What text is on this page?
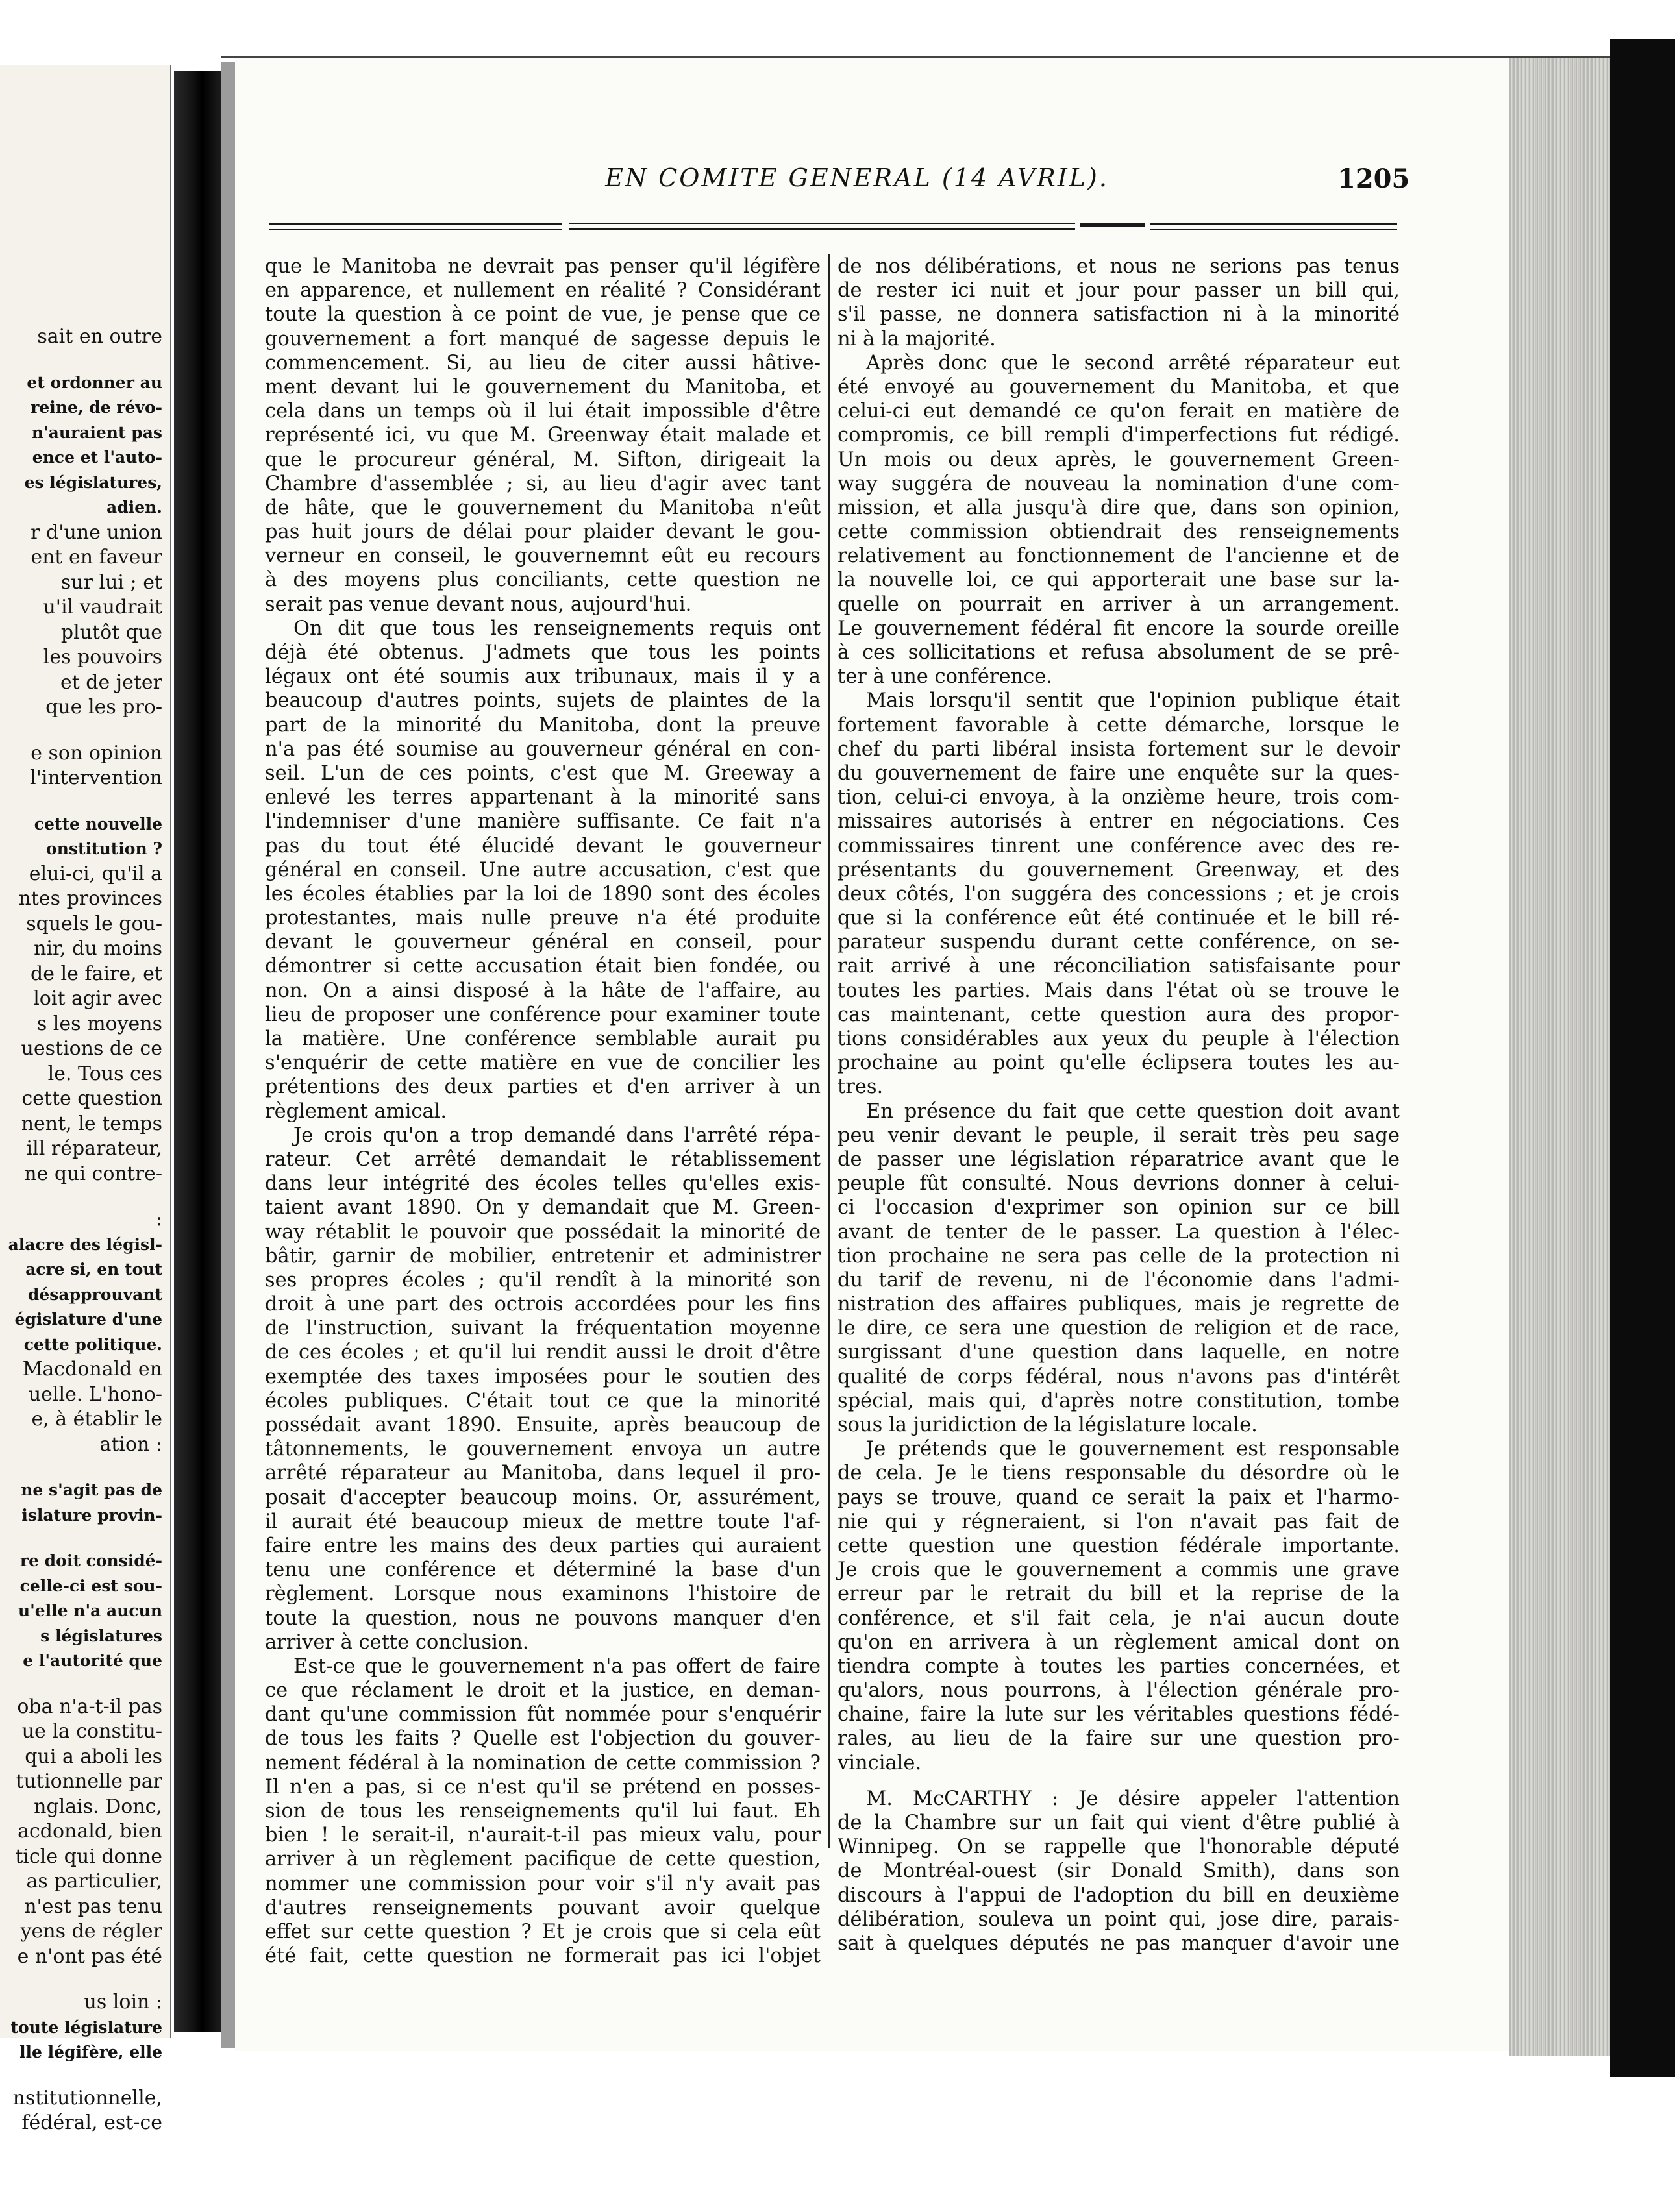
sait en outre
et ordonner au
reine, de révo-
n'auraient pas
ence et l'auto-
es législatures,
adien.
r d'une union
ent en faveur
sur lui ; et
u'il vaudrait
plutôt que
les pouvoirs
et de jeter
que les pro-
e son opinion
l'intervention
cette nouvelle
onstitution ?
elui-ci, qu'il a
ntes provinces
squels le gou-
nir, du moins
de le faire, et
loit agir avec
s les moyens
uestions de ce
le. Tous ces
cette question
nent, le temps
ill réparateur,
ne qui contre-
:
alacre des législ-
acre si, en tout
désapprouvant
égislature d'une
cette politique.
Macdonald en
uelle. L'hono-
e, à établir le
ation :
ne s'agit pas de
islature provin-
re doit considé-
celle-ci est sou-
u'elle n'a aucun
s législatures
e l'autorité que
oba n'a-t-il pas
ue la constitu-
qui a aboli les
tutionnelle par
nglais. Donc,
acdonald, bien
ticle qui donne
as particulier,
n'est pas tenu
yens de régler
e n'ont pas été
us loin :
toute législature
lle légifère, elle
nstitutionnelle,
fédéral, est-ce
EN COMITE GENERAL (14 AVRIL).	1205
que le Manitoba ne devrait pas penser qu'il légifère
en apparence, et nullement en réalité ? Considérant
toute la question à ce point de vue, je pense que ce
gouvernement a fort manqué de sagesse depuis le
commencement. Si, au lieu de citer aussi hâtive-
ment devant lui le gouvernement du Manitoba, et
cela dans un temps où il lui était impossible d'être
représenté ici, vu que M. Greenway était malade et
que le procureur général, M. Sifton, dirigeait la
Chambre d'assemblée ; si, au lieu d'agir avec tant
de hâte, que le gouvernement du Manitoba n'eût
pas huit jours de délai pour plaider devant le gou-
verneur en conseil, le gouvernemnt eût eu recours
à des moyens plus conciliants, cette question ne
serait pas venue devant nous, aujourd'hui.
On dit que tous les renseignements requis ont
déjà été obtenus. J'admets que tous les points
légaux ont été soumis aux tribunaux, mais il y a
beaucoup d'autres points, sujets de plaintes de la
part de la minorité du Manitoba, dont la preuve
n'a pas été soumise au gouverneur général en con-
seil. L'un de ces points, c'est que M. Greeway a
enlevé les terres appartenant à la minorité sans
l'indemniser d'une manière suffisante. Ce fait n'a
pas du tout été élucidé devant le gouverneur
général en conseil. Une autre accusation, c'est que
les écoles établies par la loi de 1890 sont des écoles
protestantes, mais nulle preuve n'a été produite
devant le gouverneur général en conseil, pour
démontrer si cette accusation était bien fondée, ou
non. On a ainsi disposé à la hâte de l'affaire, au
lieu de proposer une conférence pour examiner toute
la matière. Une conférence semblable aurait pu
s'enquérir de cette matière en vue de concilier les
prétentions des deux parties et d'en arriver à un
règlement amical.
Je crois qu'on a trop demandé dans l'arrêté répa-
rateur. Cet arrêté demandait le rétablissement
dans leur intégrité des écoles telles qu'elles exis-
taient avant 1890. On y demandait que M. Green-
way rétablit le pouvoir que possédait la minorité de
bâtir, garnir de mobilier, entretenir et administrer
ses propres écoles ; qu'il rendît à la minorité son
droit à une part des octrois accordées pour les fins
de l'instruction, suivant la fréquentation moyenne
de ces écoles ; et qu'il lui rendit aussi le droit d'être
exemptée des taxes imposées pour le soutien des
écoles publiques. C'était tout ce que la minorité
possédait avant 1890. Ensuite, après beaucoup de
tâtonnements, le gouvernement envoya un autre
arrêté réparateur au Manitoba, dans lequel il pro-
posait d'accepter beaucoup moins. Or, assurément,
il aurait été beaucoup mieux de mettre toute l'af-
faire entre les mains des deux parties qui auraient
tenu une conférence et déterminé la base d'un
règlement. Lorsque nous examinons l'histoire de
toute la question, nous ne pouvons manquer d'en
arriver à cette conclusion.
Est-ce que le gouvernement n'a pas offert de faire
ce que réclament le droit et la justice, en deman-
dant qu'une commission fût nommée pour s'enquérir
de tous les faits ? Quelle est l'objection du gouver-
nement fédéral à la nomination de cette commission ?
Il n'en a pas, si ce n'est qu'il se prétend en posses-
sion de tous les renseignements qu'il lui faut. Eh
bien ! le serait-il, n'aurait-t-il pas mieux valu, pour
arriver à un règlement pacifique de cette question,
nommer une commission pour voir s'il n'y avait pas
d'autres renseignements pouvant avoir quelque
effet sur cette question ? Et je crois que si cela eût
été fait, cette question ne formerait pas ici l'objet
de nos délibérations, et nous ne serions pas tenus
de rester ici nuit et jour pour passer un bill qui,
s'il passe, ne donnera satisfaction ni à la minorité
ni à la majorité.
Après donc que le second arrêté réparateur eut
été envoyé au gouvernement du Manitoba, et que
celui-ci eut demandé ce qu'on ferait en matière de
compromis, ce bill rempli d'imperfections fut rédigé.
Un mois ou deux après, le gouvernement Green-
way suggéra de nouveau la nomination d'une com-
mission, et alla jusqu'à dire que, dans son opinion,
cette commission obtiendrait des renseignements
relativement au fonctionnement de l'ancienne et de
la nouvelle loi, ce qui apporterait une base sur la-
quelle on pourrait en arriver à un arrangement.
Le gouvernement fédéral fit encore la sourde oreille
à ces sollicitations et refusa absolument de se prê-
ter à une conférence.
Mais lorsqu'il sentit que l'opinion publique était
fortement favorable à cette démarche, lorsque le
chef du parti libéral insista fortement sur le devoir
du gouvernement de faire une enquête sur la ques-
tion, celui-ci envoya, à la onzième heure, trois com-
missaires autorisés à entrer en négociations. Ces
commissaires tinrent une conférence avec des re-
présentants du gouvernement Greenway, et des
deux côtés, l'on suggéra des concessions ; et je crois
que si la conférence eût été continuée et le bill ré-
parateur suspendu durant cette conférence, on se-
rait arrivé à une réconciliation satisfaisante pour
toutes les parties. Mais dans l'état où se trouve le
cas maintenant, cette question aura des propor-
tions considérables aux yeux du peuple à l'élection
prochaine au point qu'elle éclipsera toutes les au-
tres.
En présence du fait que cette question doit avant
peu venir devant le peuple, il serait très peu sage
de passer une législation réparatrice avant que le
peuple fût consulté. Nous devrions donner à celui-
ci l'occasion d'exprimer son opinion sur ce bill
avant de tenter de le passer. La question à l'élec-
tion prochaine ne sera pas celle de la protection ni
du tarif de revenu, ni de l'économie dans l'admi-
nistration des affaires publiques, mais je regrette de
le dire, ce sera une question de religion et de race,
surgissant d'une question dans laquelle, en notre
qualité de corps fédéral, nous n'avons pas d'intérêt
spécial, mais qui, d'après notre constitution, tombe
sous la juridiction de la législature locale.
Je prétends que le gouvernement est responsable
de cela. Je le tiens responsable du désordre où le
pays se trouve, quand ce serait la paix et l'harmo-
nie qui y régneraient, si l'on n'avait pas fait de
cette question une question fédérale importante.
Je crois que le gouvernement a commis une grave
erreur par le retrait du bill et la reprise de la
conférence, et s'il fait cela, je n'ai aucun doute
qu'on en arrivera à un règlement amical dont on
tiendra compte à toutes les parties concernées, et
qu'alors, nous pourrons, à l'élection générale pro-
chaine, faire la lute sur les véritables questions fédé-
rales, au lieu de la faire sur une question pro-
vinciale.
M. McCARTHY : Je désire appeler l'attention
de la Chambre sur un fait qui vient d'être publié à
Winnipeg. On se rappelle que l'honorable député
de Montréal-ouest (sir Donald Smith), dans son
discours à l'appui de l'adoption du bill en deuxième
délibération, souleva un point qui, jose dire, parais-
sait à quelques députés ne pas manquer d'avoir une
